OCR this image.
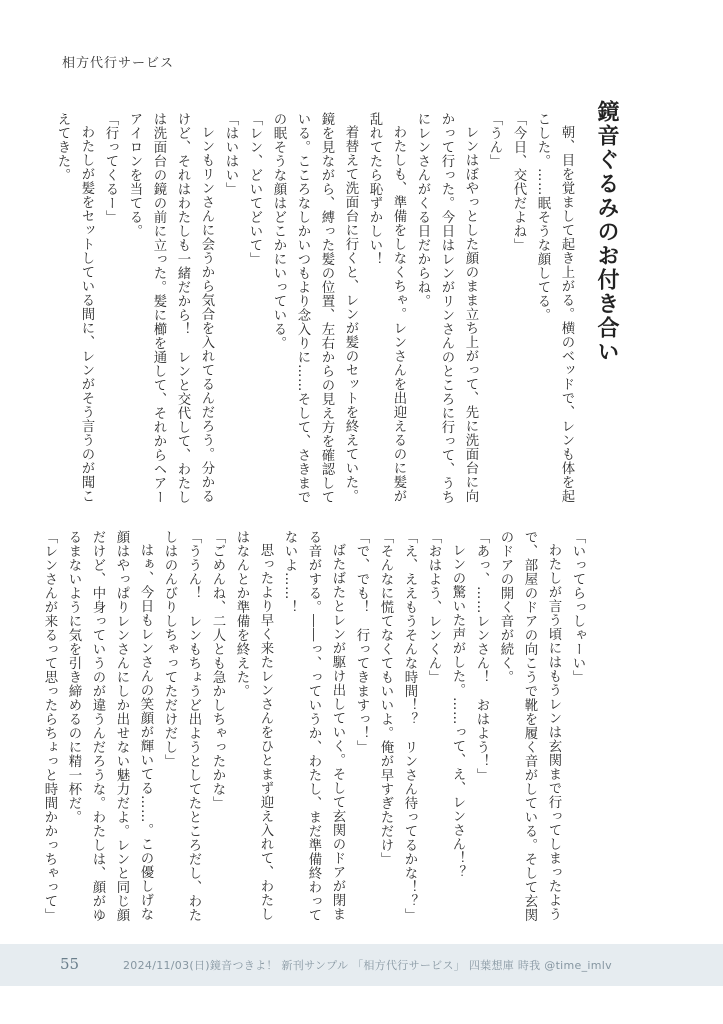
相方代行サービス
鏡音ぐるみのお付き合い

朝、目を覚まして起き上がる。横のベッドで、レンも体を起こした。……眠そうな顔してる。

「今日、交代だよね」

「うん」

レンはぼやっとした顔のまま立ち上がって、先に洗面台に向かって行った。今日はレンがリンさんのところに行って、うちにレンさんがくる日だからね。

わたしも、準備をしなくちゃ。レンさんを出迎えるのに髪が乱れてたら恥ずかしい！

着替えて洗面台に行くと、レンが髪のセットを終えていた。鏡を見ながら、縛った髪の位置、左右からの見え方を確認している。こころなしかいつもより念入りに……そして、さきまでの眠そうな顔はどこかにいっている。

「レン、どいてどいて」

「はいはい」

レンもリンさんに会うから気合を入れてるんだろう。分かるけど、それはわたしも一緒だから！　レンと交代して、わたしは洗面台の鏡の前に立った。髪に櫛を通して、それからヘアーアイロンを当てる。

「行ってくるー」

わたしが髪をセットしている間に、レンがそう言うのが聞こえてきた。

「いってらっしゃーい」

わたしが言う頃にはもうレンは玄関まで行ってしまったようで、部屋のドアの向こうで靴を履く音がしている。そして玄関のドアの開く音が続く。

「あっ、……レンさん！　おはよう！」

レンの驚いた声がした。……って、え、レンさん！？

「おはよう、レンくん」

「え、ええもうそんな時間！？　リンさん待ってるかな！？」

「そんなに慌てなくてもいいよ。俺が早すぎただけ」

「で、でも！　行ってきますっ！」

ばたばたとレンが駆け出していく。そして玄関のドアが閉まる音がする。――っ、っていうか、わたし、まだ準備終わってないよ……！

思ったより早く来たレンさんをひとまず迎え入れて、わたしはなんとか準備を終えた。

「ごめんね、二人とも急かしちゃったかな」

「ううん！　レンもちょうど出ようとしてたところだし、わたしはのんびりしちゃってただけだし」

はぁ、今日もレンさんの笑顔が輝いてる……。この優しげな顔はやっぱりレンさんにしか出せない魅力だよ。レンと同じ顔だけど、中身っていうのが違うんだろうな。わたしは、顔がゆるまないように気を引き締めるのに精一杯だ。

「レンさんが来るって思ったらちょっと時間かかっちゃって」

55	2024/11/03(日)鏡音つきよ！ 新刊サンプル 「相方代行サービス」 四葉想庫 時我 @time_imlv
